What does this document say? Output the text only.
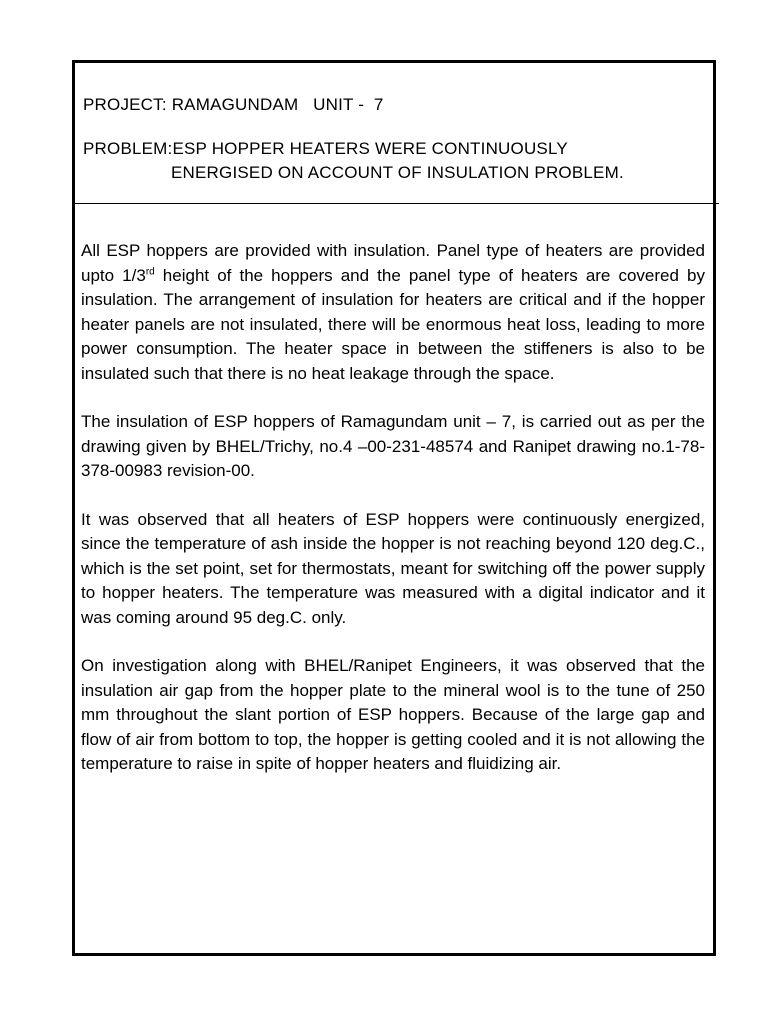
PROJECT: RAMAGUNDAM   UNIT -  7
PROBLEM:ESP HOPPER HEATERS WERE CONTINUOUSLY
ENERGISED ON ACCOUNT OF INSULATION PROBLEM.

All ESP hoppers are provided with insulation. Panel type of heaters are provided upto 1/3rd height of the hoppers and the panel type of heaters are covered by insulation. The arrangement of insulation for heaters are critical and if the hopper heater panels are not insulated, there will be enormous heat loss, leading to more power consumption. The heater space in between the stiffeners is also to be insulated such that there is no heat leakage through the space.

The insulation of ESP hoppers of Ramagundam unit – 7, is carried out as per the drawing given by BHEL/Trichy, no.4 –00-231-48574 and Ranipet drawing no.1-78-378-00983 revision-00.

It was observed that all heaters of ESP hoppers were continuously energized, since the temperature of ash inside the hopper is not reaching beyond 120 deg.C., which is the set point, set for thermostats, meant for switching off the power supply to hopper heaters. The temperature was measured with a digital indicator and it was coming around 95 deg.C. only.

On investigation along with BHEL/Ranipet Engineers, it was observed that the insulation air gap from the hopper plate to the mineral wool is to the tune of 250 mm throughout the slant portion of ESP hoppers. Because of the large gap and flow of air from bottom to top, the hopper is getting cooled and it is not allowing the temperature to raise in spite of hopper heaters and fluidizing air.
